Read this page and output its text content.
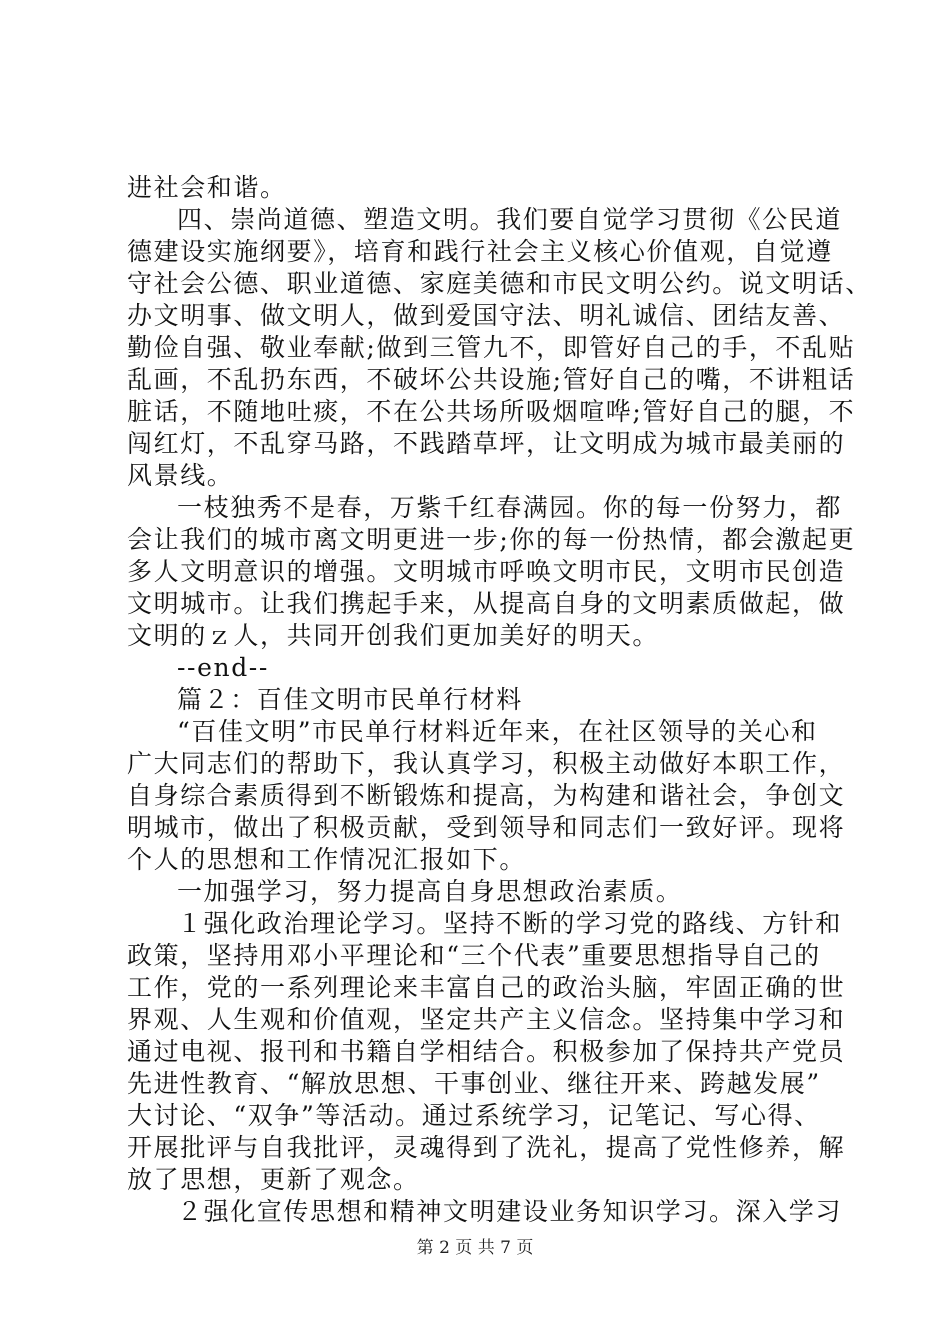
进社会和谐。
四、崇尚道德、塑造文明。我们要自觉学习贯彻《公民道
德建设实施纲要》，培育和践行社会主义核心价值观，自觉遵
守社会公德、职业道德、家庭美德和市民文明公约。说文明话、
办文明事、做文明人，做到爱国守法、明礼诚信、团结友善、
勤俭自强、敬业奉献;做到三管九不，即管好自己的手，不乱贴
乱画，不乱扔东西，不破坏公共设施;管好自己的嘴，不讲粗话
脏话，不随地吐痰，不在公共场所吸烟喧哗;管好自己的腿，不
闯红灯，不乱穿马路，不践踏草坪，让文明成为城市最美丽的
风景线。
一枝独秀不是春，万紫千红春满园。你的每一份努力，都
会让我们的城市离文明更进一步;你的每一份热情，都会激起更
多人文明意识的增强。文明城市呼唤文明市民，文明市民创造
文明城市。让我们携起手来，从提高自身的文明素质做起，做
文明的ｚ人，共同开创我们更加美好的明天。
--end--
篇２：百佳文明市民单行材料
“百佳文明”市民单行材料近年来，在社区领导的关心和
广大同志们的帮助下，我认真学习，积极主动做好本职工作，
自身综合素质得到不断锻炼和提高，为构建和谐社会，争创文
明城市，做出了积极贡献，受到领导和同志们一致好评。现将
个人的思想和工作情况汇报如下。
一加强学习，努力提高自身思想政治素质。
１强化政治理论学习。坚持不断的学习党的路线、方针和
政策，坚持用邓小平理论和“三个代表”重要思想指导自己的
工作，党的一系列理论来丰富自己的政治头脑，牢固正确的世
界观、人生观和价值观，坚定共产主义信念。坚持集中学习和
通过电视、报刊和书籍自学相结合。积极参加了保持共产党员
先进性教育、“解放思想、干事创业、继往开来、跨越发展”
大讨论、“双争”等活动。通过系统学习，记笔记、写心得、
开展批评与自我批评，灵魂得到了洗礼，提高了党性修养，解
放了思想，更新了观念。
２强化宣传思想和精神文明建设业务知识学习。深入学习
第 2 页 共 7 页
